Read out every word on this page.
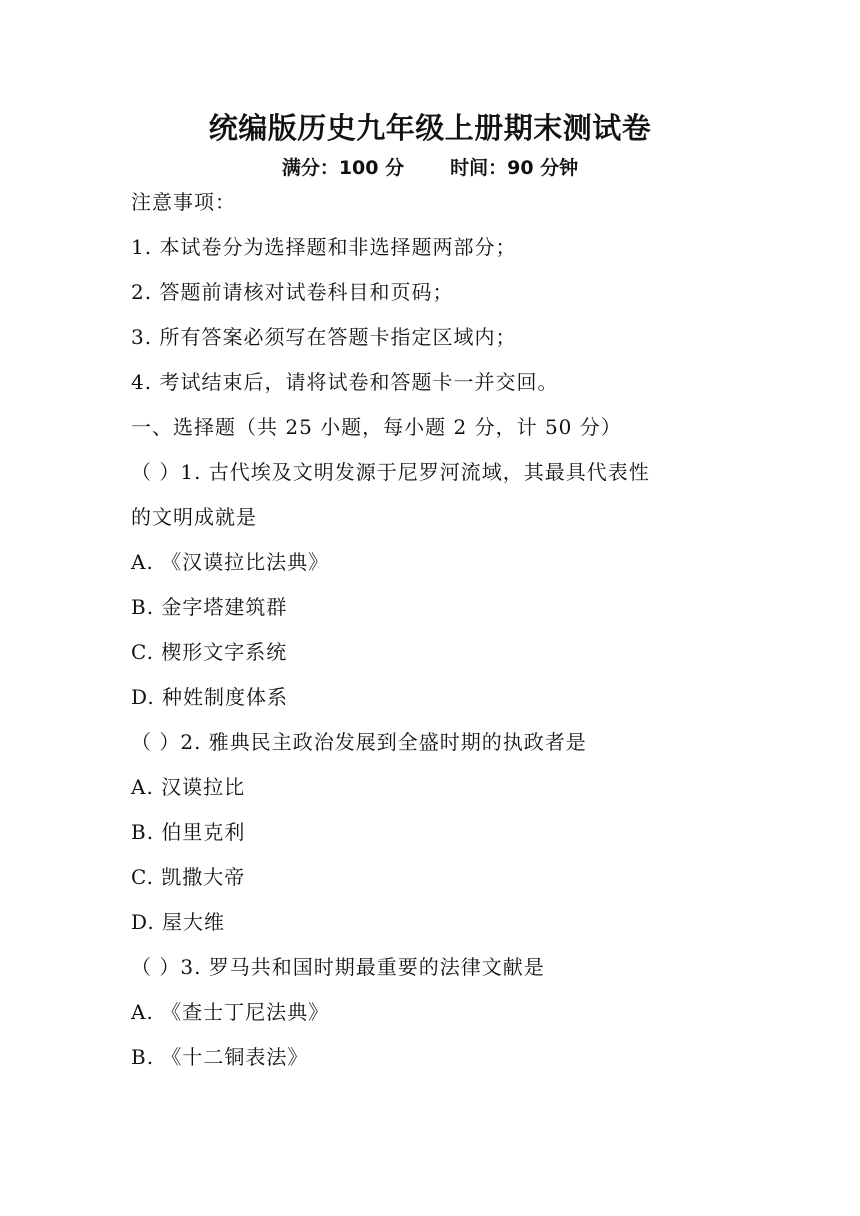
统编版历史九年级上册期末测试卷
满分：100 分 时间：90 分钟
注意事项：
1. 本试卷分为选择题和非选择题两部分；
2. 答题前请核对试卷科目和页码；
3. 所有答案必须写在答题卡指定区域内；
4. 考试结束后，请将试卷和答题卡一并交回。
一、选择题（共 25 小题，每小题 2 分，计 50 分）
（ ）1. 古代埃及文明发源于尼罗河流域，其最具代表性
的文明成就是
A. 《汉谟拉比法典》
B. 金字塔建筑群
C. 楔形文字系统
D. 种姓制度体系
（ ）2. 雅典民主政治发展到全盛时期的执政者是
A. 汉谟拉比
B. 伯里克利
C. 凯撒大帝
D. 屋大维
（ ）3. 罗马共和国时期最重要的法律文献是
A. 《查士丁尼法典》
B. 《十二铜表法》
